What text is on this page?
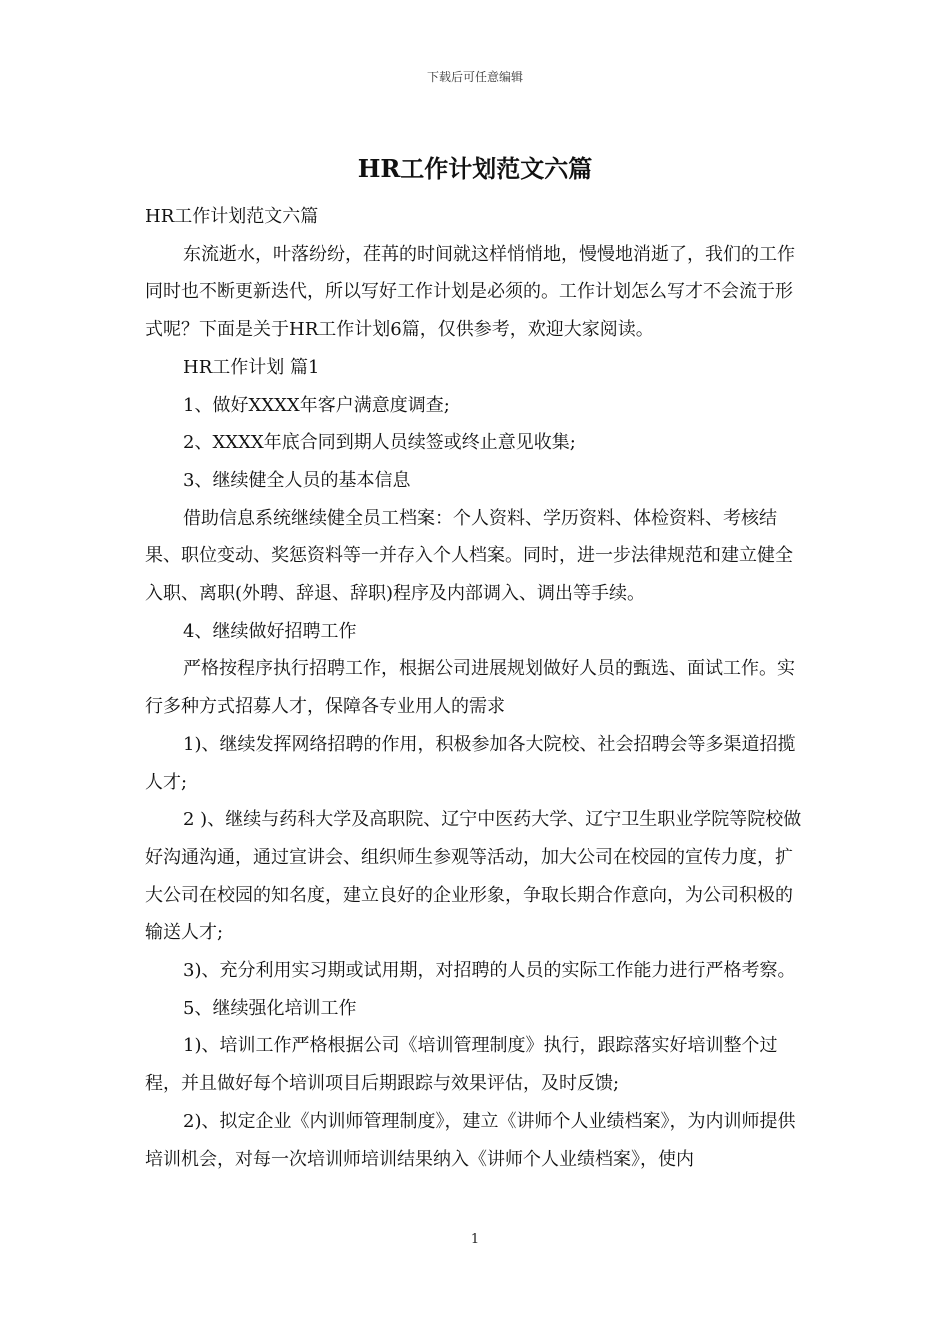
下载后可任意编辑
HR工作计划范文六篇

HR工作计划范文六篇

东流逝水，叶落纷纷，荏苒的时间就这样悄悄地，慢慢地消逝了，我们的工作同时也不断更新迭代，所以写好工作计划是必须的。工作计划怎么写才不会流于形式呢？下面是关于HR工作计划6篇，仅供参考，欢迎大家阅读。

HR工作计划 篇1

1、做好XXXX年客户满意度调查;

2、XXXX年底合同到期人员续签或终止意见收集;

3、继续健全人员的基本信息

借助信息系统继续健全员工档案：个人资料、学历资料、体检资料、考核结果、职位变动、奖惩资料等一并存入个人档案。同时，进一步法律规范和建立健全入职、离职(外聘、辞退、辞职)程序及内部调入、调出等手续。

4、继续做好招聘工作

严格按程序执行招聘工作，根据公司进展规划做好人员的甄选、面试工作。实行多种方式招募人才，保障各专业用人的需求

1)、继续发挥网络招聘的作用，积极参加各大院校、社会招聘会等多渠道招揽人才;

2 )、继续与药科大学及高职院、辽宁中医药大学、辽宁卫生职业学院等院校做好沟通沟通，通过宣讲会、组织师生参观等活动，加大公司在校园的宣传力度，扩大公司在校园的知名度，建立良好的企业形象，争取长期合作意向，为公司积极的输送人才;

3)、充分利用实习期或试用期，对招聘的人员的实际工作能力进行严格考察。

5、继续强化培训工作

1)、培训工作严格根据公司《培训管理制度》执行，跟踪落实好培训整个过程，并且做好每个培训项目后期跟踪与效果评估，及时反馈;

2)、拟定企业《内训师管理制度》，建立《讲师个人业绩档案》，为内训师提供培训机会，对每一次培训师培训结果纳入《讲师个人业绩档案》，使内

1
